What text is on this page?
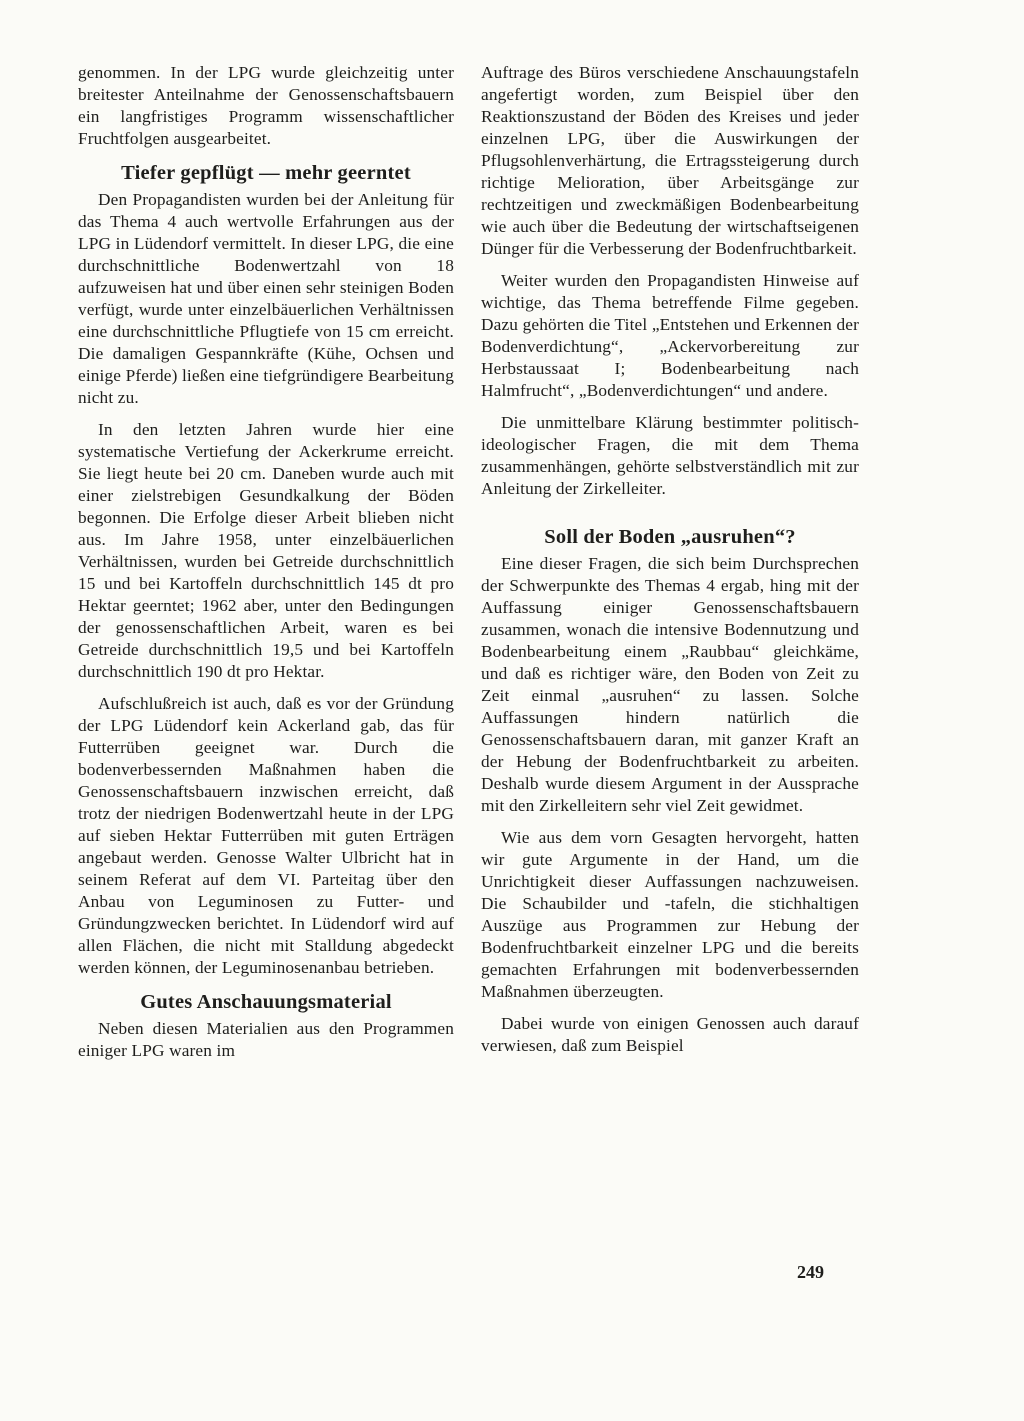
genommen. In der LPG wurde gleichzeitig unter breitester Anteilnahme der Genossenschaftsbauern ein langfristiges Programm wissenschaftlicher Fruchtfolgen ausgearbeitet.

Tiefer gepflügt — mehr geerntet

Den Propagandisten wurden bei der Anleitung für das Thema 4 auch wertvolle Erfahrungen aus der LPG in Lüdendorf vermittelt. In dieser LPG, die eine durchschnittliche Bodenwertzahl von 18 aufzuweisen hat und über einen sehr steinigen Boden verfügt, wurde unter einzelbäuerlichen Verhältnissen eine durchschnittliche Pflugtiefe von 15 cm erreicht. Die damaligen Gespannkräfte (Kühe, Ochsen und einige Pferde) ließen eine tiefgründigere Bearbeitung nicht zu.

In den letzten Jahren wurde hier eine systematische Vertiefung der Ackerkrume erreicht. Sie liegt heute bei 20 cm. Daneben wurde auch mit einer zielstrebigen Gesundkalkung der Böden begonnen. Die Erfolge dieser Arbeit blieben nicht aus. Im Jahre 1958, unter einzelbäuerlichen Verhältnissen, wurden bei Getreide durchschnittlich 15 und bei Kartoffeln durchschnittlich 145 dt pro Hektar geerntet; 1962 aber, unter den Bedingungen der genossenschaftlichen Arbeit, waren es bei Getreide durchschnittlich 19,5 und bei Kartoffeln durchschnittlich 190 dt pro Hektar.

Aufschlußreich ist auch, daß es vor der Gründung der LPG Lüdendorf kein Ackerland gab, das für Futterrüben geeignet war. Durch die bodenverbessernden Maßnahmen haben die Genossenschaftsbauern inzwischen erreicht, daß trotz der niedrigen Bodenwertzahl heute in der LPG auf sieben Hektar Futterrüben mit guten Erträgen angebaut werden. Genosse Walter Ulbricht hat in seinem Referat auf dem VI. Parteitag über den Anbau von Leguminosen zu Futter- und Gründungzwecken berichtet. In Lüdendorf wird auf allen Flächen, die nicht mit Stalldung abgedeckt werden können, der Leguminosenanbau betrieben.

Gutes Anschauungsmaterial

Neben diesen Materialien aus den Programmen einiger LPG waren im

Auftrage des Büros verschiedene Anschauungstafeln angefertigt worden, zum Beispiel über den Reaktionszustand der Böden des Kreises und jeder einzelnen LPG, über die Auswirkungen der Pflugsohlenverhärtung, die Ertragssteigerung durch richtige Melioration, über Arbeitsgänge zur rechtzeitigen und zweckmäßigen Bodenbearbeitung wie auch über die Bedeutung der wirtschaftseigenen Dünger für die Verbesserung der Bodenfruchtbarkeit.

Weiter wurden den Propagandisten Hinweise auf wichtige, das Thema betreffende Filme gegeben. Dazu gehörten die Titel „Entstehen und Erkennen der Bodenverdichtung“, „Ackervorbereitung zur Herbstaussaat I; Bodenbearbeitung nach Halmfrucht“, „Bodenverdichtungen“ und andere.

Die unmittelbare Klärung bestimmter politisch-ideologischer Fragen, die mit dem Thema zusammenhängen, gehörte selbstverständlich mit zur Anleitung der Zirkelleiter.

Soll der Boden „ausruhen“?

Eine dieser Fragen, die sich beim Durchsprechen der Schwerpunkte des Themas 4 ergab, hing mit der Auffassung einiger Genossenschaftsbauern zusammen, wonach die intensive Bodennutzung und Bodenbearbeitung einem „Raubbau“ gleichkäme, und daß es richtiger wäre, den Boden von Zeit zu Zeit einmal „ausruhen“ zu lassen. Solche Auffassungen hindern natürlich die Genossenschaftsbauern daran, mit ganzer Kraft an der Hebung der Bodenfruchtbarkeit zu arbeiten. Deshalb wurde diesem Argument in der Aussprache mit den Zirkelleitern sehr viel Zeit gewidmet.

Wie aus dem vorn Gesagten hervorgeht, hatten wir gute Argumente in der Hand, um die Unrichtigkeit dieser Auffassungen nachzuweisen. Die Schaubilder und -tafeln, die stichhaltigen Auszüge aus Programmen zur Hebung der Bodenfruchtbarkeit einzelner LPG und die bereits gemachten Erfahrungen mit bodenverbessernden Maßnahmen überzeugten.

Dabei wurde von einigen Genossen auch darauf verwiesen, daß zum Beispiel

249
